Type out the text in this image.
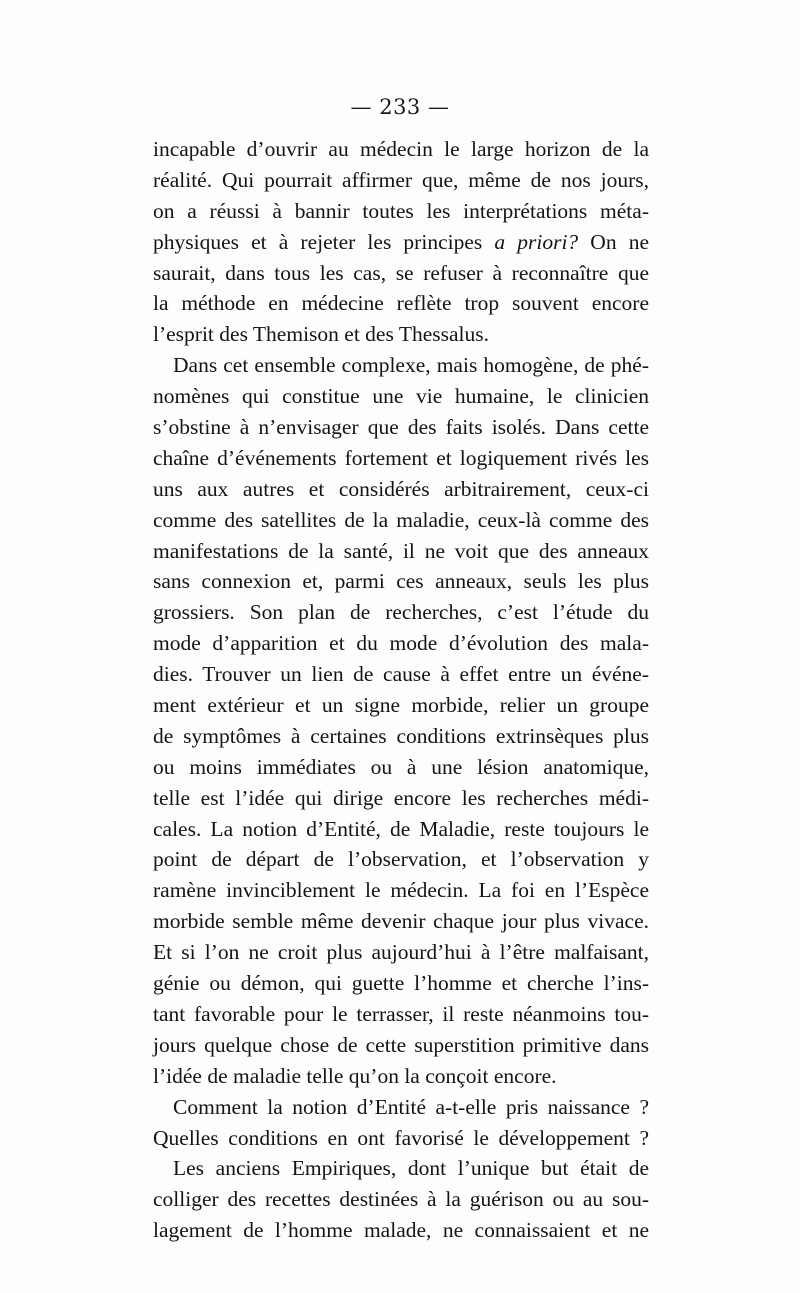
— 233 —
incapable d’ouvrir au médecin le large horizon de la
réalité. Qui pourrait affirmer que, même de nos jours,
on a réussi à bannir toutes les interprétations méta-
physiques et à rejeter les principes a priori? On ne
saurait, dans tous les cas, se refuser à reconnaître que
la méthode en médecine reflète trop souvent encore
l’esprit des Themison et des Thessalus.
Dans cet ensemble complexe, mais homogène, de phé-
nomènes qui constitue une vie humaine, le clinicien
s’obstine à n’envisager que des faits isolés. Dans cette
chaîne d’événements fortement et logiquement rivés les
uns aux autres et considérés arbitrairement, ceux-ci
comme des satellites de la maladie, ceux-là comme des
manifestations de la santé, il ne voit que des anneaux
sans connexion et, parmi ces anneaux, seuls les plus
grossiers. Son plan de recherches, c’est l’étude du
mode d’apparition et du mode d’évolution des mala-
dies. Trouver un lien de cause à effet entre un événe-
ment extérieur et un signe morbide, relier un groupe
de symptômes à certaines conditions extrinsèques plus
ou moins immédiates ou à une lésion anatomique,
telle est l’idée qui dirige encore les recherches médi-
cales. La notion d’Entité, de Maladie, reste toujours le
point de départ de l’observation, et l’observation y
ramène invinciblement le médecin. La foi en l’Espèce
morbide semble même devenir chaque jour plus vivace.
Et si l’on ne croit plus aujourd’hui à l’être malfaisant,
génie ou démon, qui guette l’homme et cherche l’ins-
tant favorable pour le terrasser, il reste néanmoins tou-
jours quelque chose de cette superstition primitive dans
l’idée de maladie telle qu’on la conçoit encore.
Comment la notion d’Entité a-t-elle pris naissance ?
Quelles conditions en ont favorisé le développement ?
Les anciens Empiriques, dont l’unique but était de
colliger des recettes destinées à la guérison ou au sou-
lagement de l’homme malade, ne connaissaient et ne
